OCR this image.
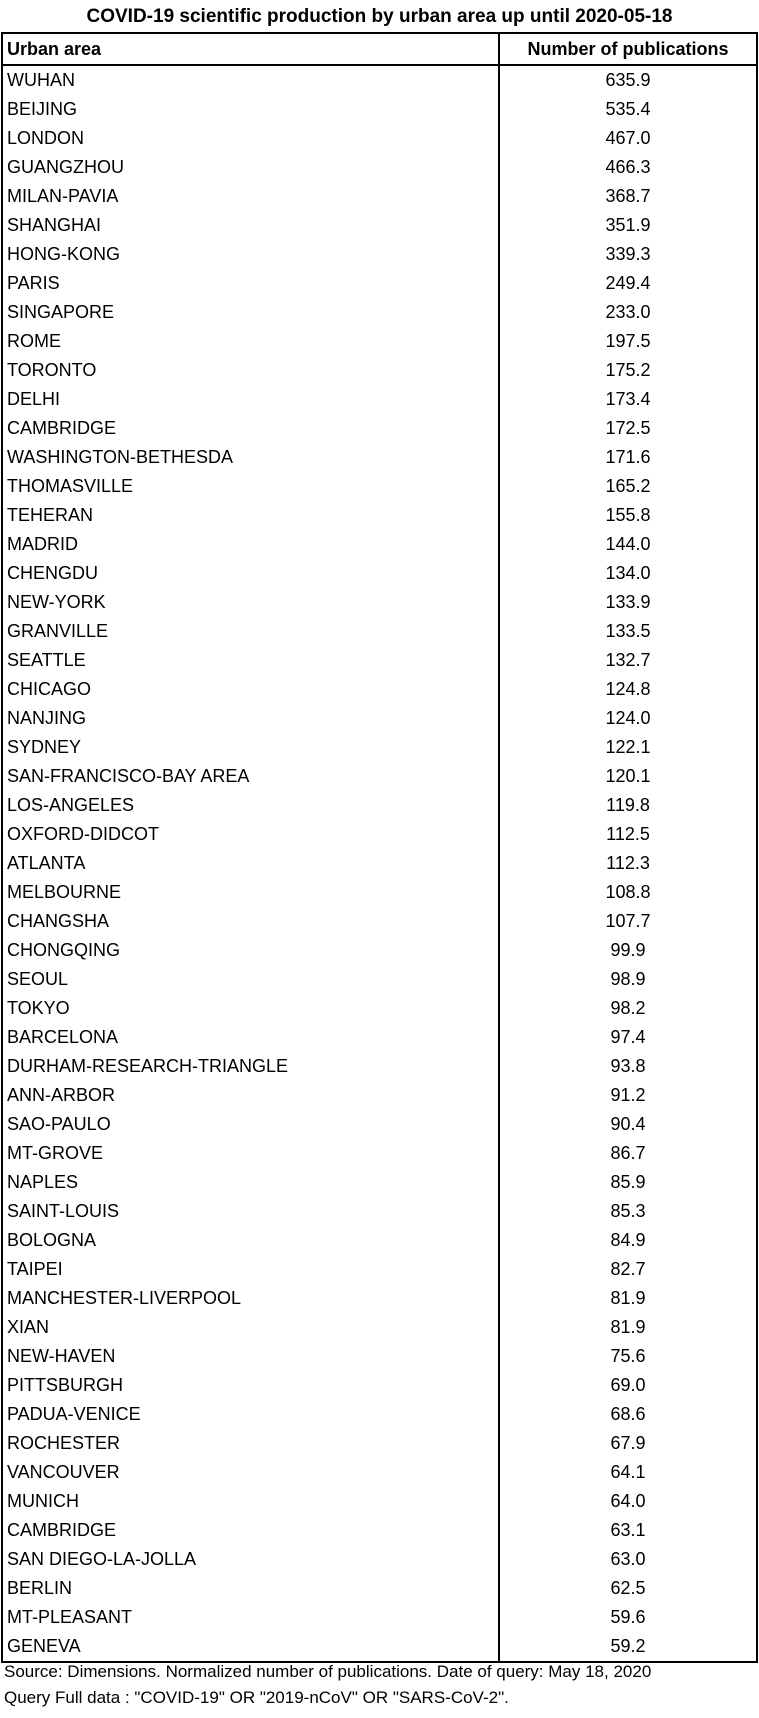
COVID-19 scientific production by urban area up until 2020-05-18
Urban area	Number of publications
WUHAN	635.9
BEIJING	535.4
LONDON	467.0
GUANGZHOU	466.3
MILAN-PAVIA	368.7
SHANGHAI	351.9
HONG-KONG	339.3
PARIS	249.4
SINGAPORE	233.0
ROME	197.5
TORONTO	175.2
DELHI	173.4
CAMBRIDGE	172.5
WASHINGTON-BETHESDA	171.6
THOMASVILLE	165.2
TEHERAN	155.8
MADRID	144.0
CHENGDU	134.0
NEW-YORK	133.9
GRANVILLE	133.5
SEATTLE	132.7
CHICAGO	124.8
NANJING	124.0
SYDNEY	122.1
SAN-FRANCISCO-BAY AREA	120.1
LOS-ANGELES	119.8
OXFORD-DIDCOT	112.5
ATLANTA	112.3
MELBOURNE	108.8
CHANGSHA	107.7
CHONGQING	99.9
SEOUL	98.9
TOKYO	98.2
BARCELONA	97.4
DURHAM-RESEARCH-TRIANGLE	93.8
ANN-ARBOR	91.2
SAO-PAULO	90.4
MT-GROVE	86.7
NAPLES	85.9
SAINT-LOUIS	85.3
BOLOGNA	84.9
TAIPEI	82.7
MANCHESTER-LIVERPOOL	81.9
XIAN	81.9
NEW-HAVEN	75.6
PITTSBURGH	69.0
PADUA-VENICE	68.6
ROCHESTER	67.9
VANCOUVER	64.1
MUNICH	64.0
CAMBRIDGE	63.1
SAN DIEGO-LA-JOLLA	63.0
BERLIN	62.5
MT-PLEASANT	59.6
GENEVA	59.2
Source: Dimensions. Normalized number of publications. Date of query: May 18, 2020
Query Full data : "COVID-19" OR "2019-nCoV" OR "SARS-CoV-2".
